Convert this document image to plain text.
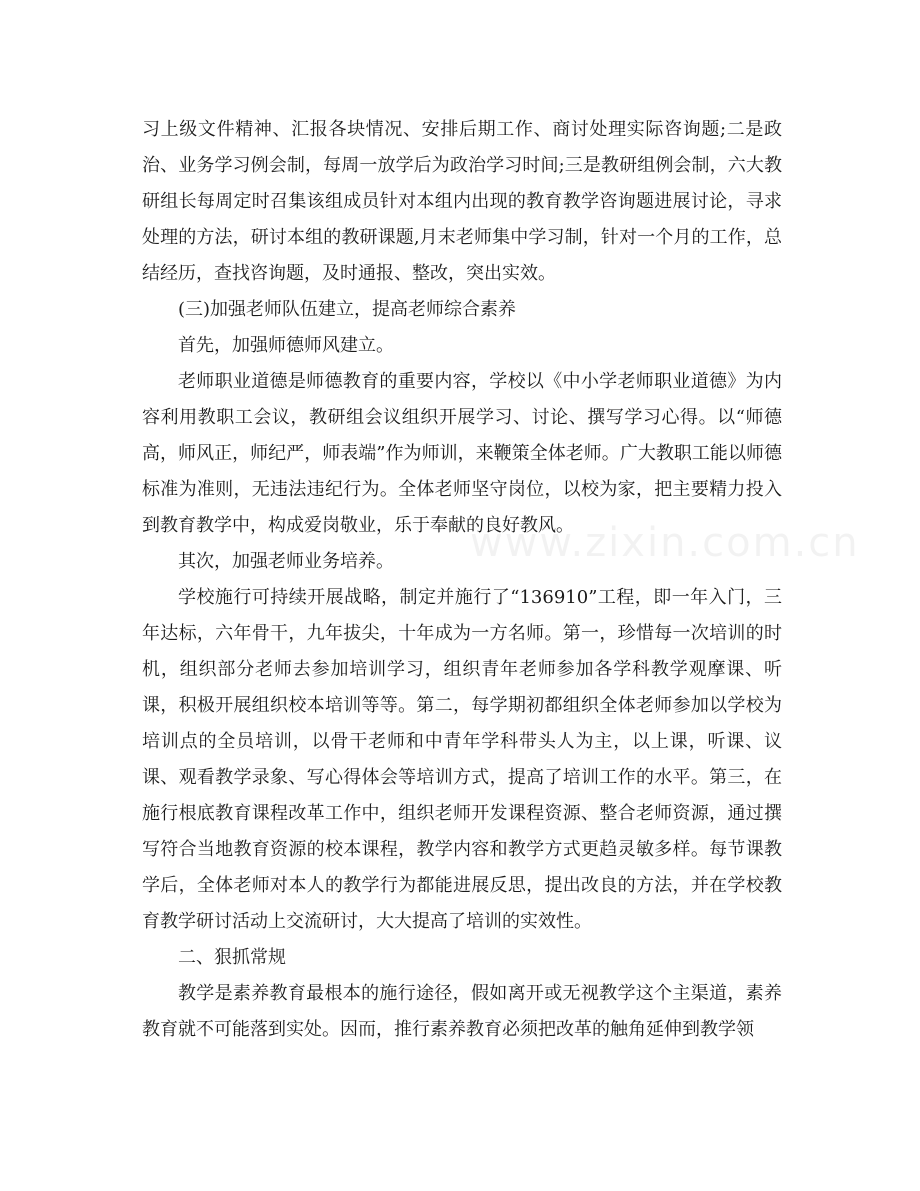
习上级文件精神、汇报各块情况、安排后期工作、商讨处理实际咨询题;二是政治、业务学习例会制，每周一放学后为政治学习时间;三是教研组例会制，六大教研组长每周定时召集该组成员针对本组内出现的教育教学咨询题进展讨论，寻求处理的方法，研讨本组的教研课题,月末老师集中学习制，针对一个月的工作，总结经历，查找咨询题，及时通报、整改，突出实效。

(三)加强老师队伍建立，提高老师综合素养

首先，加强师德师风建立。

老师职业道德是师德教育的重要内容，学校以《中小学老师职业道德》为内容利用教职工会议，教研组会议组织开展学习、讨论、撰写学习心得。以“师德高，师风正，师纪严，师表端”作为师训，来鞭策全体老师。广大教职工能以师德标准为准则，无违法违纪行为。全体老师坚守岗位，以校为家，把主要精力投入到教育教学中，构成爱岗敬业，乐于奉献的良好教风。

其次，加强老师业务培养。

学校施行可持续开展战略，制定并施行了“136910”工程，即一年入门，三年达标，六年骨干，九年拔尖，十年成为一方名师。第一，珍惜每一次培训的时机，组织部分老师去参加培训学习，组织青年老师参加各学科教学观摩课、听课，积极开展组织校本培训等等。第二，每学期初都组织全体老师参加以学校为培训点的全员培训，以骨干老师和中青年学科带头人为主，以上课，听课、议课、观看教学录象、写心得体会等培训方式，提高了培训工作的水平。第三，在施行根底教育课程改革工作中，组织老师开发课程资源、整合老师资源，通过撰写符合当地教育资源的校本课程，教学内容和教学方式更趋灵敏多样。每节课教学后，全体老师对本人的教学行为都能进展反思，提出改良的方法，并在学校教育教学研讨活动上交流研讨，大大提高了培训的实效性。

二、狠抓常规

教学是素养教育最根本的施行途径，假如离开或无视教学这个主渠道，素养教育就不可能落到实处。因而，推行素养教育必须把改革的触角延伸到教学领

www.zixin.com.cn
